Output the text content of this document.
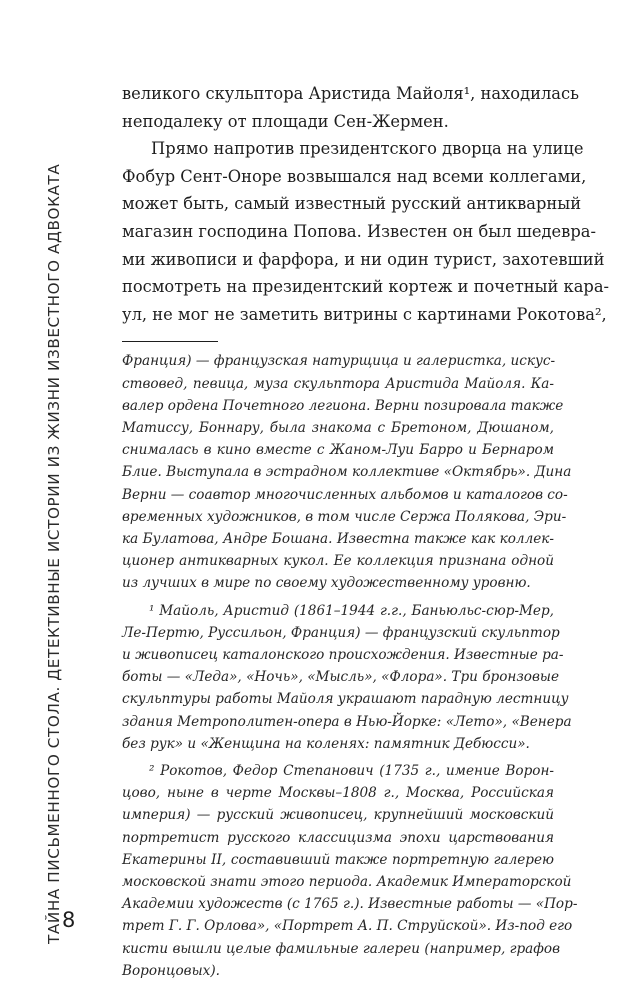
ТАЙНА ПИСЬМЕННОГО СТОЛА. ДЕТЕКТИВНЫЕ ИСТОРИИ ИЗ ЖИЗНИ ИЗВЕСТНОГО АДВОКАТА 8

великого скульптора Аристида Майоля¹, находилась
неподалеку от площади Сен-Жермен.

Прямо напротив президентского дворца на улице
Фобур Сент-Оноре возвышался над всеми коллегами,
может быть, самый известный русский антикварный
магазин господина Попова. Известен он был шедевра-
ми живописи и фарфора, и ни один турист, захотевший
посмотреть на президентский кортеж и почетный кара-
ул, не мог не заметить витрины с картинами Рокотова²,

Франция) — французская натурщица и галеристка, искус-
ствовед, певица, муза скульптора Аристида Майоля. Ка-
валер ордена Почетного легиона. Верни позировала также
Матиссу, Боннару, была знакома с Бретоном, Дюшаном,
снималась в кино вместе с Жаном-Луи Барро и Бернаром
Блие. Выступала в эстрадном коллективе «Октябрь». Дина
Верни — соавтор многочисленных альбомов и каталогов со-
временных художников, в том числе Сержа Полякова, Эри-
ка Булатова, Андре Бошана. Известна также как коллек-
ционер антикварных кукол. Ее коллекция признана одной
из лучших в мире по своему художественному уровню.

¹ Майоль, Аристид (1861–1944 г.г., Баньюльс-сюр-Мер,
Ле-Пертю, Руссильон, Франция) — французский скульптор
и живописец каталонского происхождения. Известные ра-
боты — «Леда», «Ночь», «Мысль», «Флора». Три бронзовые
скульптуры работы Майоля украшают парадную лестницу
здания Метрополитен-опера в Нью-Йорке: «Лето», «Венера
без рук» и «Женщина на коленях: памятник Дебюсси».

² Рокотов, Федор Степанович (1735 г., имение Ворон-
цово, ныне в черте Москвы–1808 г., Москва, Российская
империя) — русский живописец, крупнейший московский
портретист русского классицизма эпохи царствования
Екатерины II, составивший также портретную галерею
московской знати этого периода. Академик Императорской
Академии художеств (с 1765 г.). Известные работы — «Пор-
трет Г. Г. Орлова», «Портрет А. П. Струйской». Из-под его
кисти вышли целые фамильные галереи (например, графов
Воронцовых).
